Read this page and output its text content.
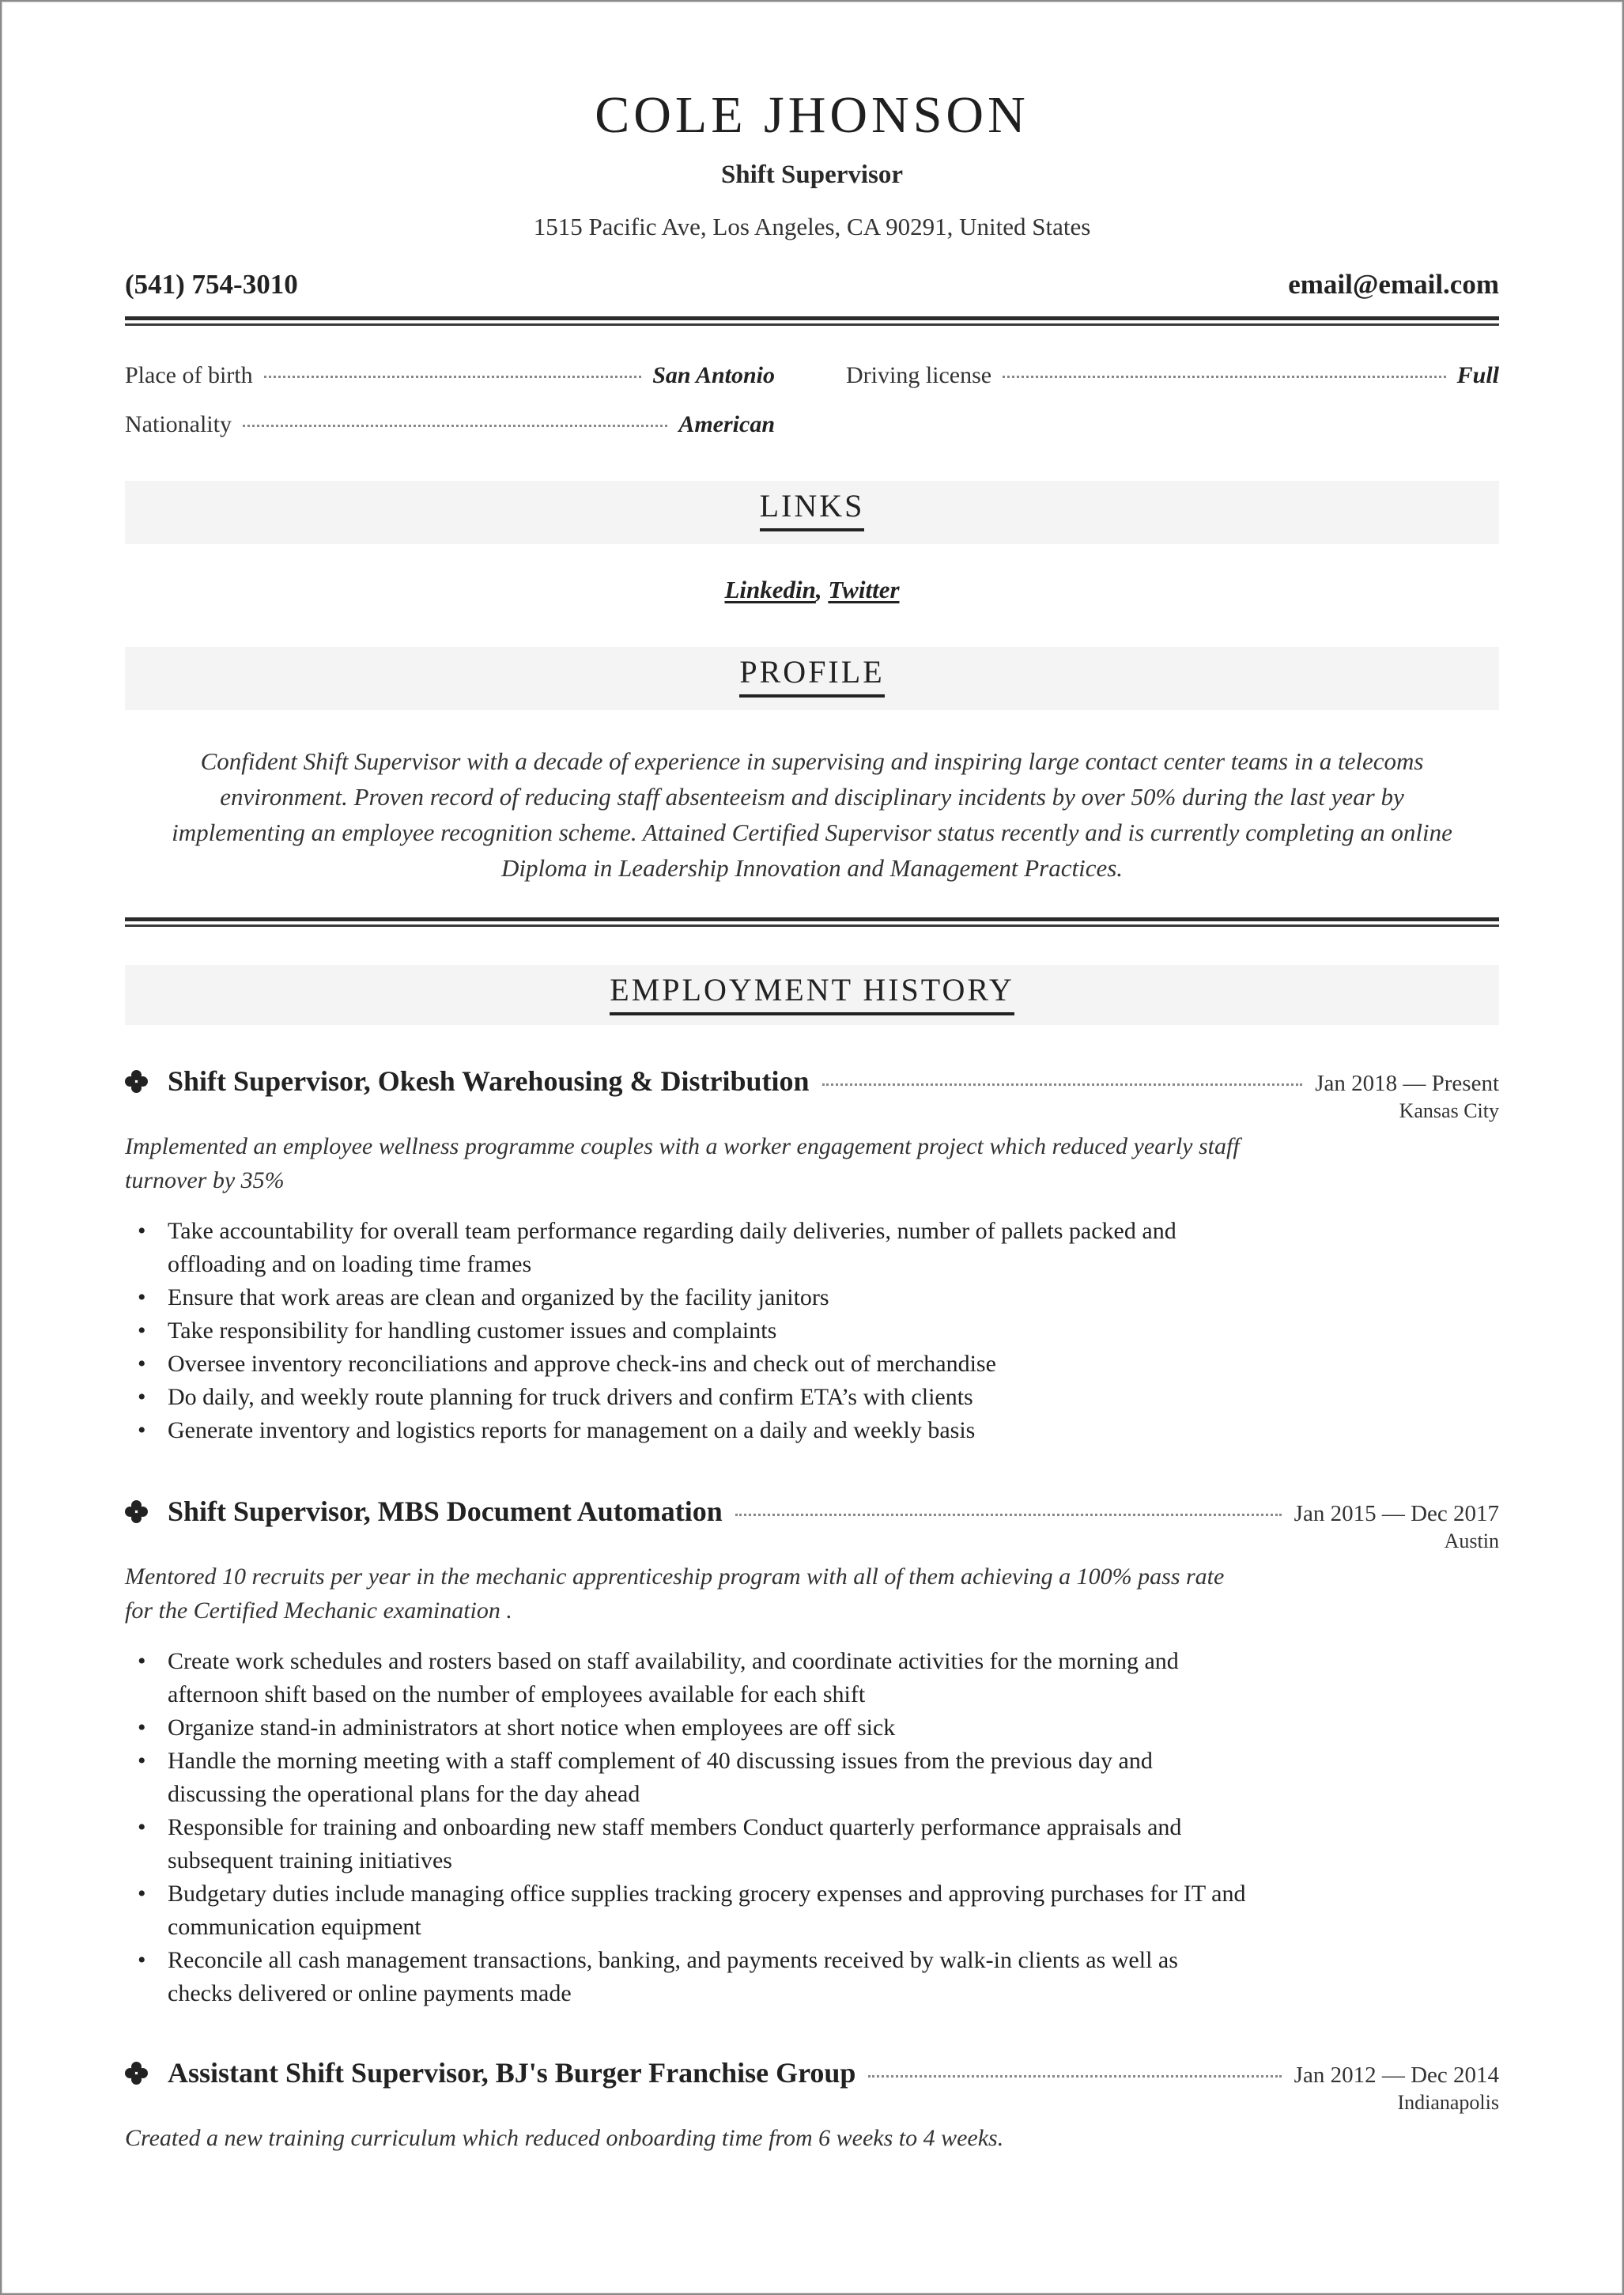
COLE JHONSON
Shift Supervisor
1515 Pacific Ave, Los Angeles, CA 90291, United States
(541) 754-3010	email@email.com
Place of birth	San Antonio	Driving license	Full
Nationality	American
LINKS
Linkedin, Twitter
PROFILE
Confident Shift Supervisor with a decade of experience in supervising and inspiring large contact center teams in a telecoms environment. Proven record of reducing staff absenteeism and disciplinary incidents by over 50% during the last year by implementing an employee recognition scheme. Attained Certified Supervisor status recently and is currently completing an online Diploma in Leadership Innovation and Management Practices.
EMPLOYMENT HISTORY
Shift Supervisor, Okesh Warehousing & Distribution	Jan 2018 — Present
Kansas City
Implemented an employee wellness programme couples with a worker engagement project which reduced yearly staff turnover by 35%
• Take accountability for overall team performance regarding daily deliveries, number of pallets packed and offloading and on loading time frames
• Ensure that work areas are clean and organized by the facility janitors
• Take responsibility for handling customer issues and complaints
• Oversee inventory reconciliations and approve check-ins and check out of merchandise
• Do daily, and weekly route planning for truck drivers and confirm ETA’s with clients
• Generate inventory and logistics reports for management on a daily and weekly basis
Shift Supervisor, MBS Document Automation	Jan 2015 — Dec 2017
Austin
Mentored 10 recruits per year in the mechanic apprenticeship program with all of them achieving a 100% pass rate for the Certified Mechanic examination .
• Create work schedules and rosters based on staff availability, and coordinate activities for the morning and afternoon shift based on the number of employees available for each shift
• Organize stand-in administrators at short notice when employees are off sick
• Handle the morning meeting with a staff complement of 40 discussing issues from the previous day and discussing the operational plans for the day ahead
• Responsible for training and onboarding new staff members Conduct quarterly performance appraisals and subsequent training initiatives
• Budgetary duties include managing office supplies tracking grocery expenses and approving purchases for IT and communication equipment
• Reconcile all cash management transactions, banking, and payments received by walk-in clients as well as checks delivered or online payments made
Assistant Shift Supervisor, BJ's Burger Franchise Group	Jan 2012 — Dec 2014
Indianapolis
Created a new training curriculum which reduced onboarding time from 6 weeks to 4 weeks.
